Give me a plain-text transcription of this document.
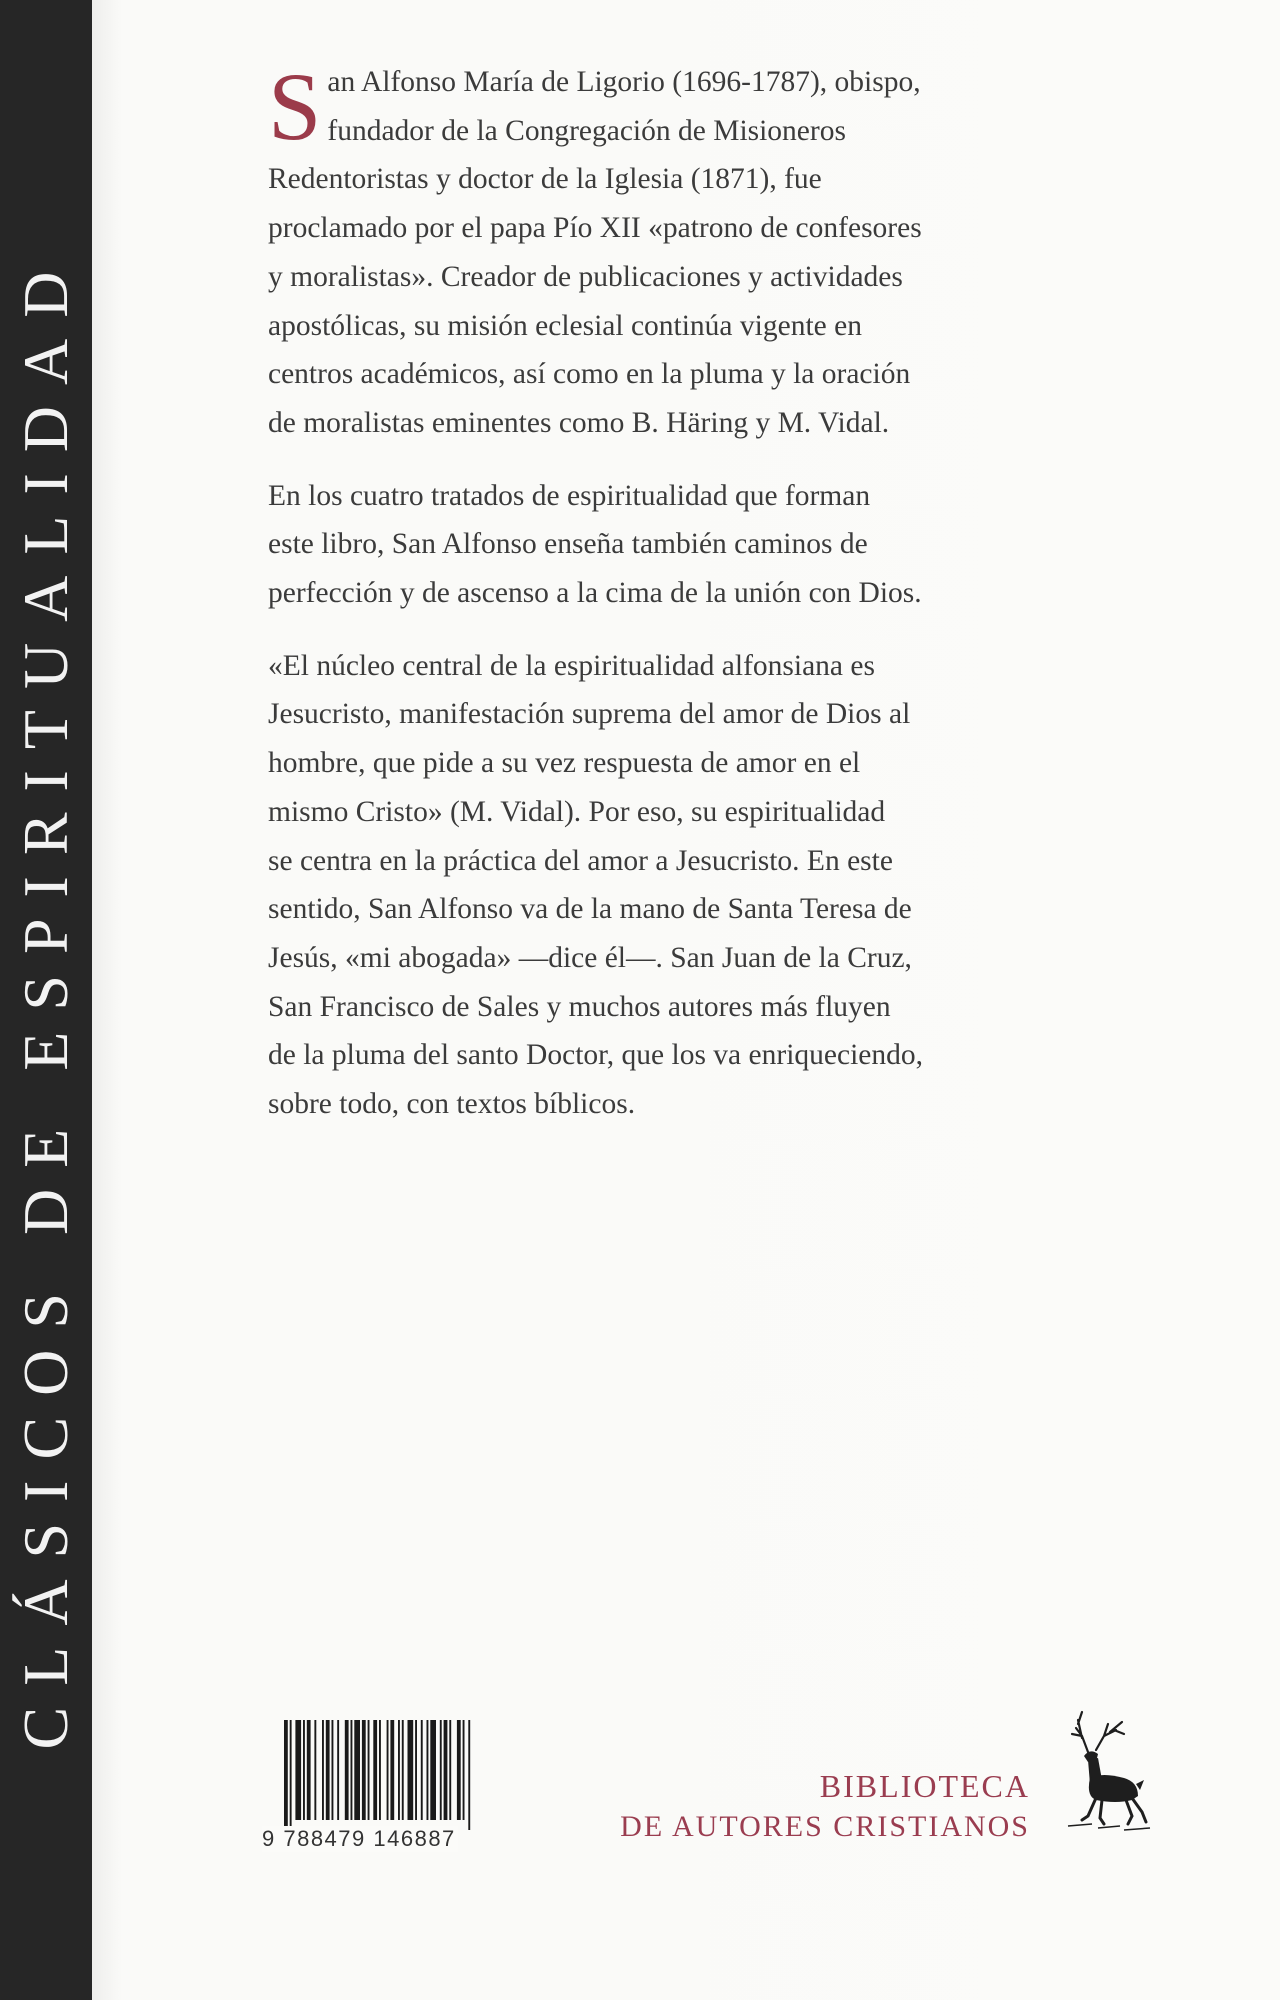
CLÁSICOS DE ESPIRITUALIDAD
S an Alfonso María de Ligorio (1696-1787), obispo,

fundador de la Congregación de Misioneros

Redentoristas y doctor de la Iglesia (1871), fue

proclamado por el papa Pío XII «patrono de confesores

y moralistas». Creador de publicaciones y actividades

apostólicas, su misión eclesial continúa vigente en

centros académicos, así como en la pluma y la oración

de moralistas eminentes como B. Häring y M. Vidal.

En los cuatro tratados de espiritualidad que forman

este libro, San Alfonso enseña también caminos de

perfección y de ascenso a la cima de la unión con Dios.

«El núcleo central de la espiritualidad alfonsiana es

Jesucristo, manifestación suprema del amor de Dios al

hombre, que pide a su vez respuesta de amor en el

mismo Cristo» (M. Vidal). Por eso, su espiritualidad

se centra en la práctica del amor a Jesucristo. En este

sentido, San Alfonso va de la mano de Santa Teresa de

Jesús, «mi abogada» —dice él—. San Juan de la Cruz,

San Francisco de Sales y muchos autores más fluyen

de la pluma del santo Doctor, que los va enriqueciendo,

sobre todo, con textos bíblicos.

9 788479 146887
BIBLIOTECA
DE AUTORES CRISTIANOS
